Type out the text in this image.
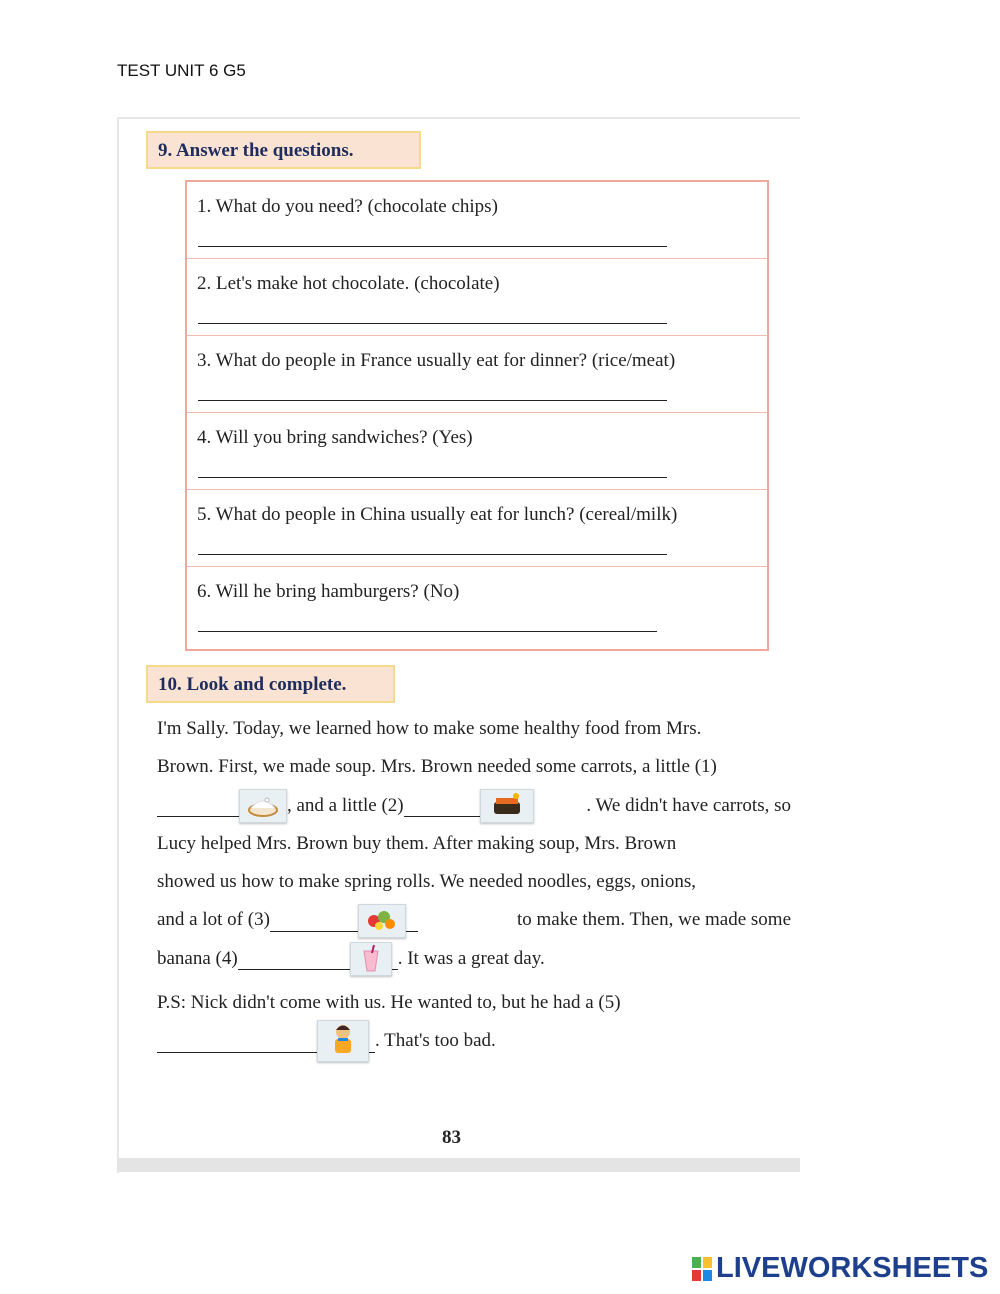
TEST UNIT 6 G5
9. Answer the questions.
1. What do you need? (chocolate chips)
2. Let's make hot chocolate. (chocolate)
3. What do people in France usually eat for dinner? (rice/meat)
4. Will you bring sandwiches? (Yes)
5. What do people in China usually eat for lunch? (cereal/milk)
6. Will he bring hamburgers? (No)
10. Look and complete.
I'm Sally. Today, we learned how to make some healthy food from Mrs.
Brown. First, we made soup. Mrs. Brown needed some carrots, a little (1)
, and a little (2)	. We didn't have carrots, so
Lucy helped Mrs. Brown buy them. After making soup, Mrs. Brown
showed us how to make spring rolls. We needed noodles, eggs, onions,
and a lot of (3)	to make them. Then, we made some
banana (4)	. It was a great day.
P.S: Nick didn't come with us. He wanted to, but he had a (5)
. That's too bad.
83
LIVEWORKSHEETS
